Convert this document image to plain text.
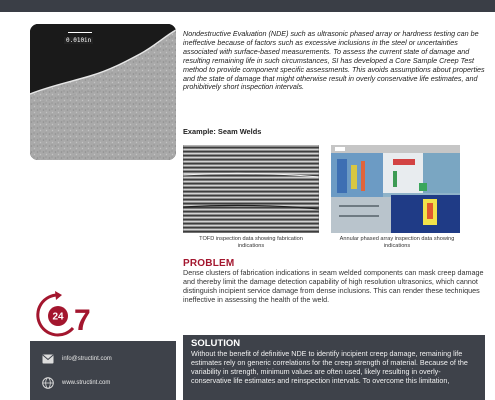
0.010in
Nondestructive Evaluation (NDE) such as ultrasonic phased array or hardness testing can be ineffective because of factors such as excessive inclusions in the steel or uncertainties associated with surface-based measurements. To assess the current state of damage and resulting remaining life in such circumstances, SI has developed a Core Sample Creep Test method to provide component specific assessments. This avoids assumptions about properties and the state of damage that might otherwise result in overly conservative life estimates, and prohibitively short inspection intervals.
Example: Seam Welds
TOFD inspection data showing fabrication indications
Annular phased array inspection data showing indications
PROBLEM
Dense clusters of fabrication indications in seam welded components can mask creep damage and thereby limit the damage detection capability of high resolution ultrasonics, which cannot distinguish incipient service damage from dense inclusions. This can render these techniques ineffective in assessing the health of the weld.
24 7
info@structint.com
www.structint.com
SOLUTION
Without the benefit of definitive NDE to identify incipient creep damage, remaining life estimates rely on generic correlations for the creep strength of material. Because of the variability in strength, minimum values are often used, likely resulting in overly-conservative life estimates and reinspection intervals. To overcome this limitation,
